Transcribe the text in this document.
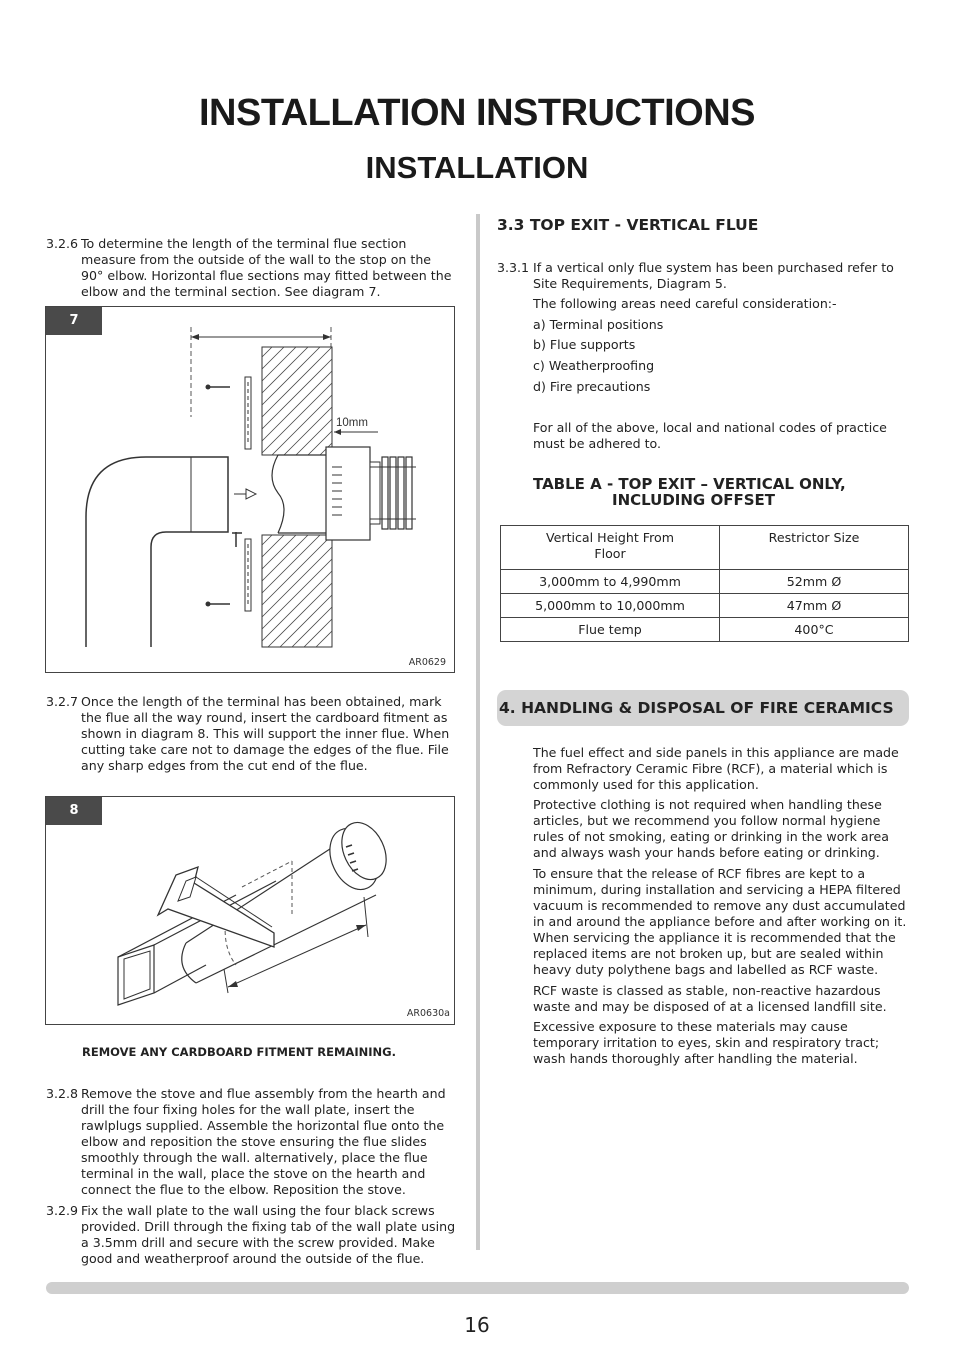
INSTALLATION INSTRUCTIONS
INSTALLATION
3.2.6 To determine the length of the terminal flue section measure from the outside of the wall to the stop on the 90° elbow. Horizontal flue sections may fitted between the elbow and the terminal section. See diagram 7.
7
10mm
AR0629
3.2.7 Once the length of the terminal has been obtained, mark the flue all the way round, insert the cardboard fitment as shown in diagram 8. This will support the inner flue. When cutting take care not to damage the edges of the flue. File any sharp edges from the cut end of the flue.
8
AR0630a
REMOVE ANY CARDBOARD FITMENT REMAINING.
3.2.8 Remove the stove and flue assembly from the hearth and drill the four fixing holes for the wall plate, insert the rawlplugs supplied. Assemble the horizontal flue onto the elbow and reposition the stove ensuring the flue slides smoothly through the wall. alternatively, place the flue terminal in the wall, place the stove on the hearth and connect the flue to the elbow. Reposition the stove.
3.2.9 Fix the wall plate to the wall using the four black screws provided. Drill through the fixing tab of the wall plate using a 3.5mm drill and secure with the screw provided. Make good and weatherproof around the outside of the flue.
3.3 TOP EXIT - VERTICAL FLUE
3.3.1 If a vertical only flue system has been purchased refer to Site Requirements, Diagram 5.
The following areas need careful consideration:-
a) Terminal positions
b) Flue supports
c) Weatherproofing
d) Fire precautions
For all of the above, local and national codes of practice must be adhered to.
TABLE A - TOP EXIT – VERTICAL ONLY,
INCLUDING OFFSET
Vertical Height From Floor	Restrictor Size
3,000mm to 4,990mm	52mm Ø
5,000mm to 10,000mm	47mm Ø
Flue temp	400°C
4. HANDLING & DISPOSAL OF FIRE CERAMICS
The fuel effect and side panels in this appliance are made from Refractory Ceramic Fibre (RCF), a material which is commonly used for this application.
Protective clothing is not required when handling these articles, but we recommend you follow normal hygiene rules of not smoking, eating or drinking in the work area and always wash your hands before eating or drinking.
To ensure that the release of RCF fibres are kept to a minimum, during installation and servicing a HEPA filtered vacuum is recommended to remove any dust accumulated in and around the appliance before and after working on it. When servicing the appliance it is recommended that the replaced items are not broken up, but are sealed within heavy duty polythene bags and labelled as RCF waste.
RCF waste is classed as stable, non-reactive hazardous waste and may be disposed of at a licensed landfill site.
Excessive exposure to these materials may cause temporary irritation to eyes, skin and respiratory tract; wash hands thoroughly after handling the material.
16
